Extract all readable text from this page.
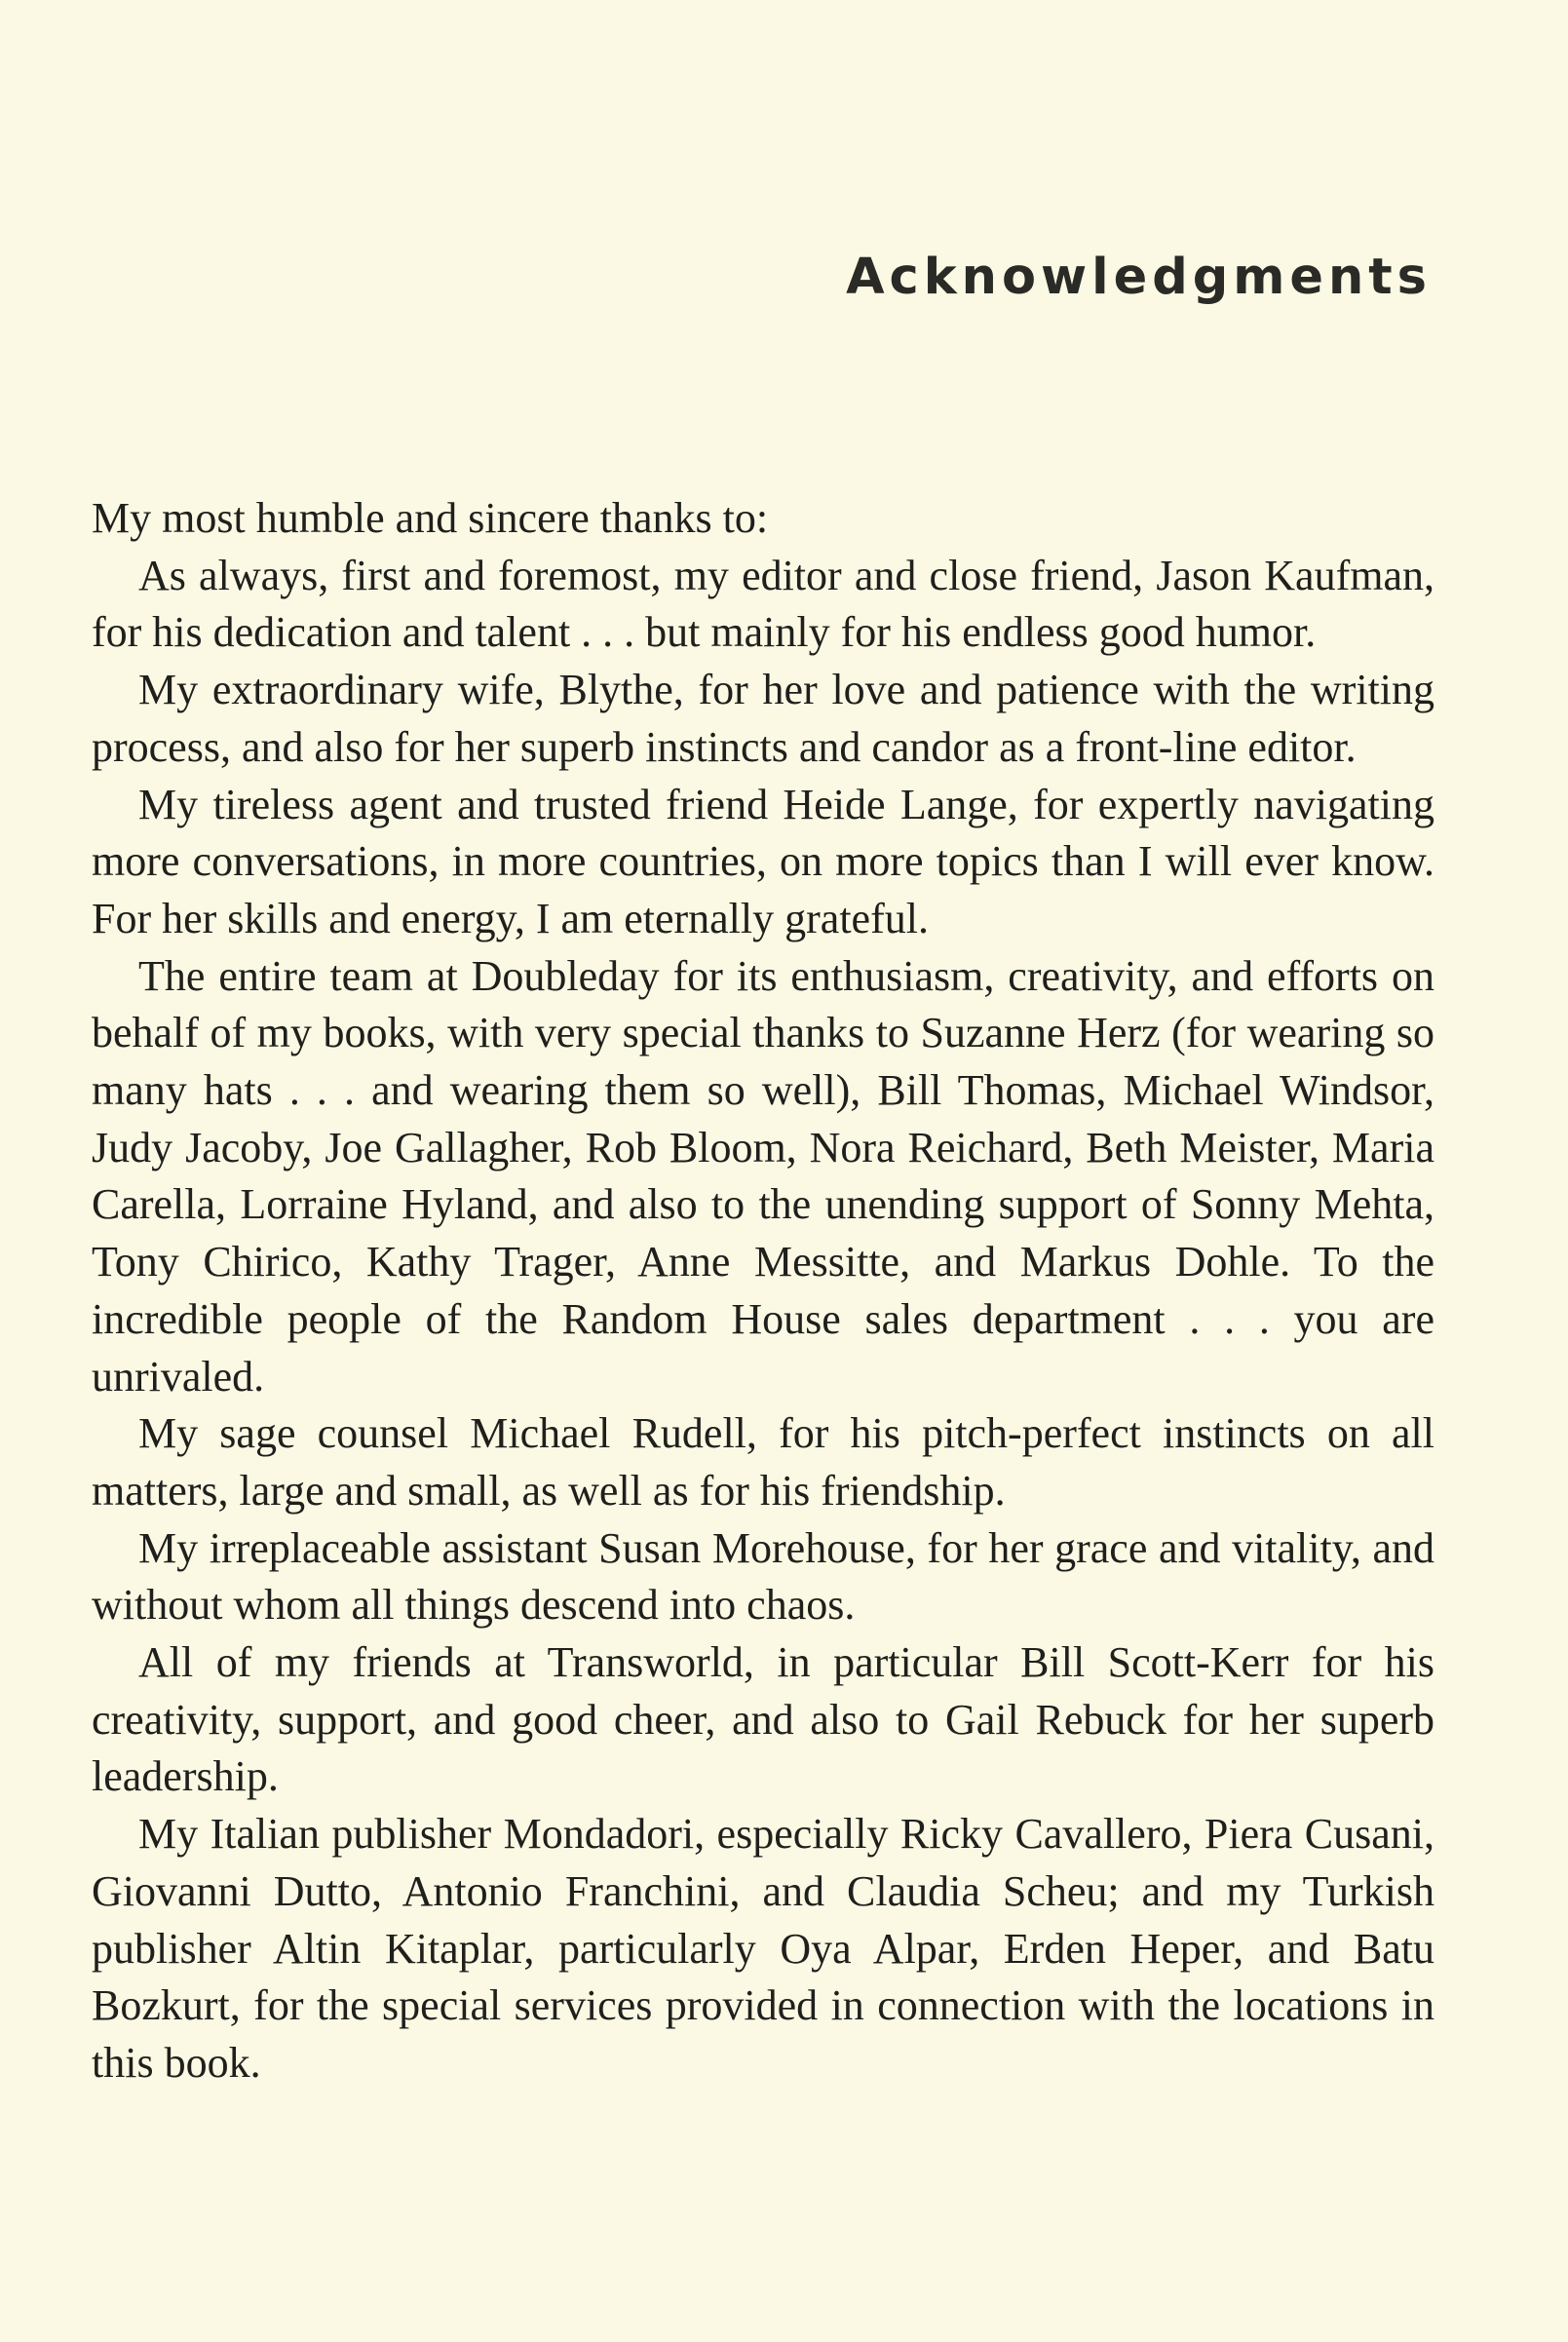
Acknowledgments

My most humble and sincere thanks to:

As always, first and foremost, my editor and close friend, Jason Kaufman, for his dedication and talent . . . but mainly for his endless good humor.

My extraordinary wife, Blythe, for her love and patience with the writing process, and also for her superb instincts and candor as a front-line editor.

My tireless agent and trusted friend Heide Lange, for expertly navigating more conversations, in more countries, on more topics than I will ever know. For her skills and energy, I am eternally grateful.

The entire team at Doubleday for its enthusiasm, creativity, and efforts on behalf of my books, with very special thanks to Suzanne Herz (for wearing so many hats . . . and wearing them so well), Bill Thomas, Michael Windsor, Judy Jacoby, Joe Gallagher, Rob Bloom, Nora Reichard, Beth Meister, Maria Carella, Lorraine Hyland, and also to the unending support of Sonny Mehta, Tony Chirico, Kathy Trager, Anne Messitte, and Markus Dohle. To the incredible people of the Random House sales department . . . you are unrivaled.

My sage counsel Michael Rudell, for his pitch-perfect instincts on all matters, large and small, as well as for his friendship.

My irreplaceable assistant Susan Morehouse, for her grace and vitality, and without whom all things descend into chaos.

All of my friends at Transworld, in particular Bill Scott-Kerr for his creativity, support, and good cheer, and also to Gail Rebuck for her superb leadership.

My Italian publisher Mondadori, especially Ricky Cavallero, Piera Cusani, Giovanni Dutto, Antonio Franchini, and Claudia Scheu; and my Turkish publisher Altin Kitaplar, particularly Oya Alpar, Erden Heper, and Batu Bozkurt, for the special services provided in connection with the locations in this book.
